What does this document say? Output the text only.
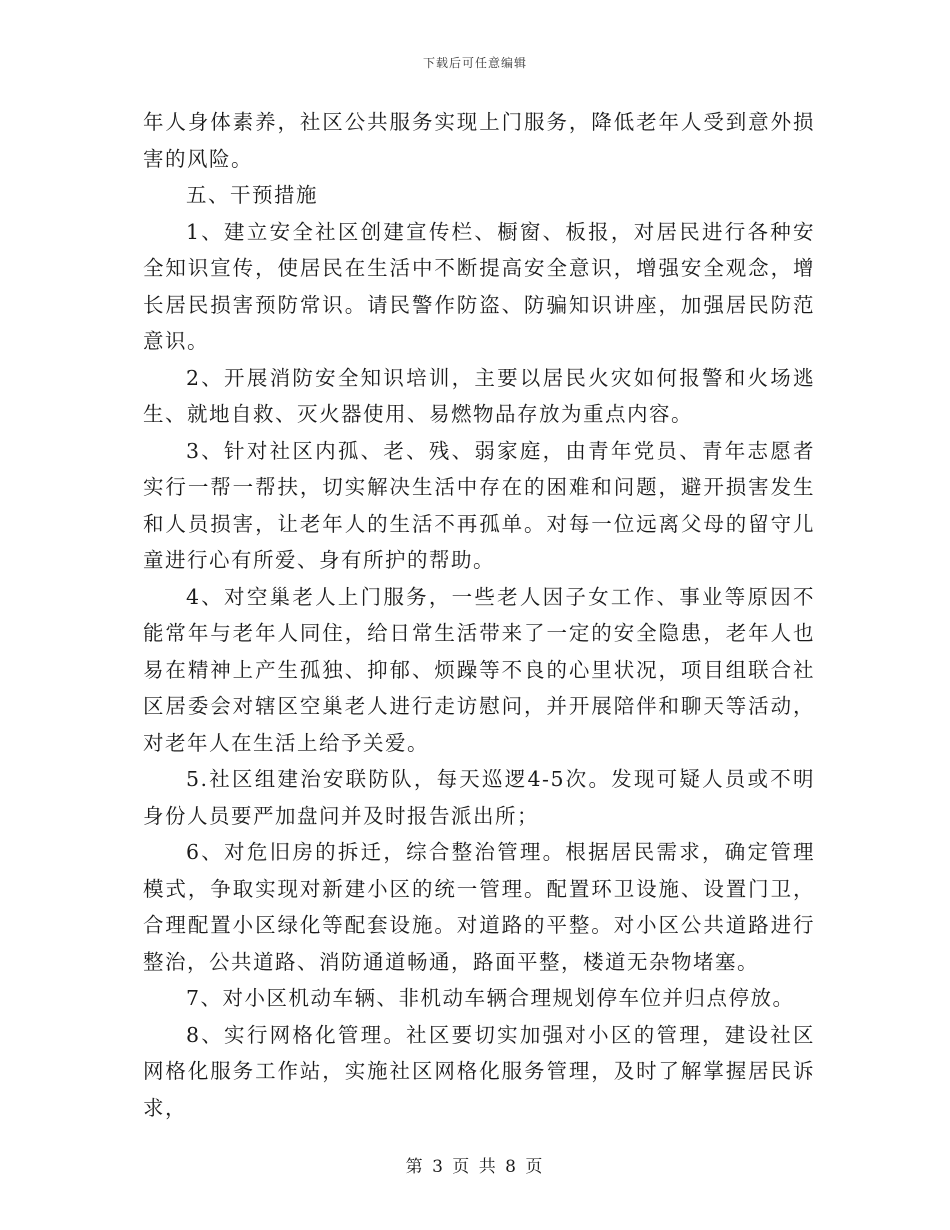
下载后可任意编辑

年人身体素养，社区公共服务实现上门服务，降低老年人受到意外损害的风险。

五、干预措施

1、建立安全社区创建宣传栏、橱窗、板报，对居民进行各种安全知识宣传，使居民在生活中不断提高安全意识，增强安全观念，增长居民损害预防常识。请民警作防盗、防骗知识讲座，加强居民防范意识。

2、开展消防安全知识培训，主要以居民火灾如何报警和火场逃生、就地自救、灭火器使用、易燃物品存放为重点内容。

3、针对社区内孤、老、残、弱家庭，由青年党员、青年志愿者实行一帮一帮扶，切实解决生活中存在的困难和问题，避开损害发生和人员损害，让老年人的生活不再孤单。对每一位远离父母的留守儿童进行心有所爱、身有所护的帮助。

4、对空巢老人上门服务，一些老人因子女工作、事业等原因不能常年与老年人同住，给日常生活带来了一定的安全隐患，老年人也易在精神上产生孤独、抑郁、烦躁等不良的心里状况，项目组联合社区居委会对辖区空巢老人进行走访慰问，并开展陪伴和聊天等活动，对老年人在生活上给予关爱。

5.社区组建治安联防队，每天巡逻4-5次。发现可疑人员或不明身份人员要严加盘问并及时报告派出所；

6、对危旧房的拆迁，综合整治管理。根据居民需求，确定管理模式，争取实现对新建小区的统一管理。配置环卫设施、设置门卫，合理配置小区绿化等配套设施。对道路的平整。对小区公共道路进行整治，公共道路、消防通道畅通，路面平整，楼道无杂物堵塞。

7、对小区机动车辆、非机动车辆合理规划停车位并归点停放。

8、实行网格化管理。社区要切实加强对小区的管理，建设社区网格化服务工作站，实施社区网格化服务管理，及时了解掌握居民诉求，

第 3 页 共 8 页
